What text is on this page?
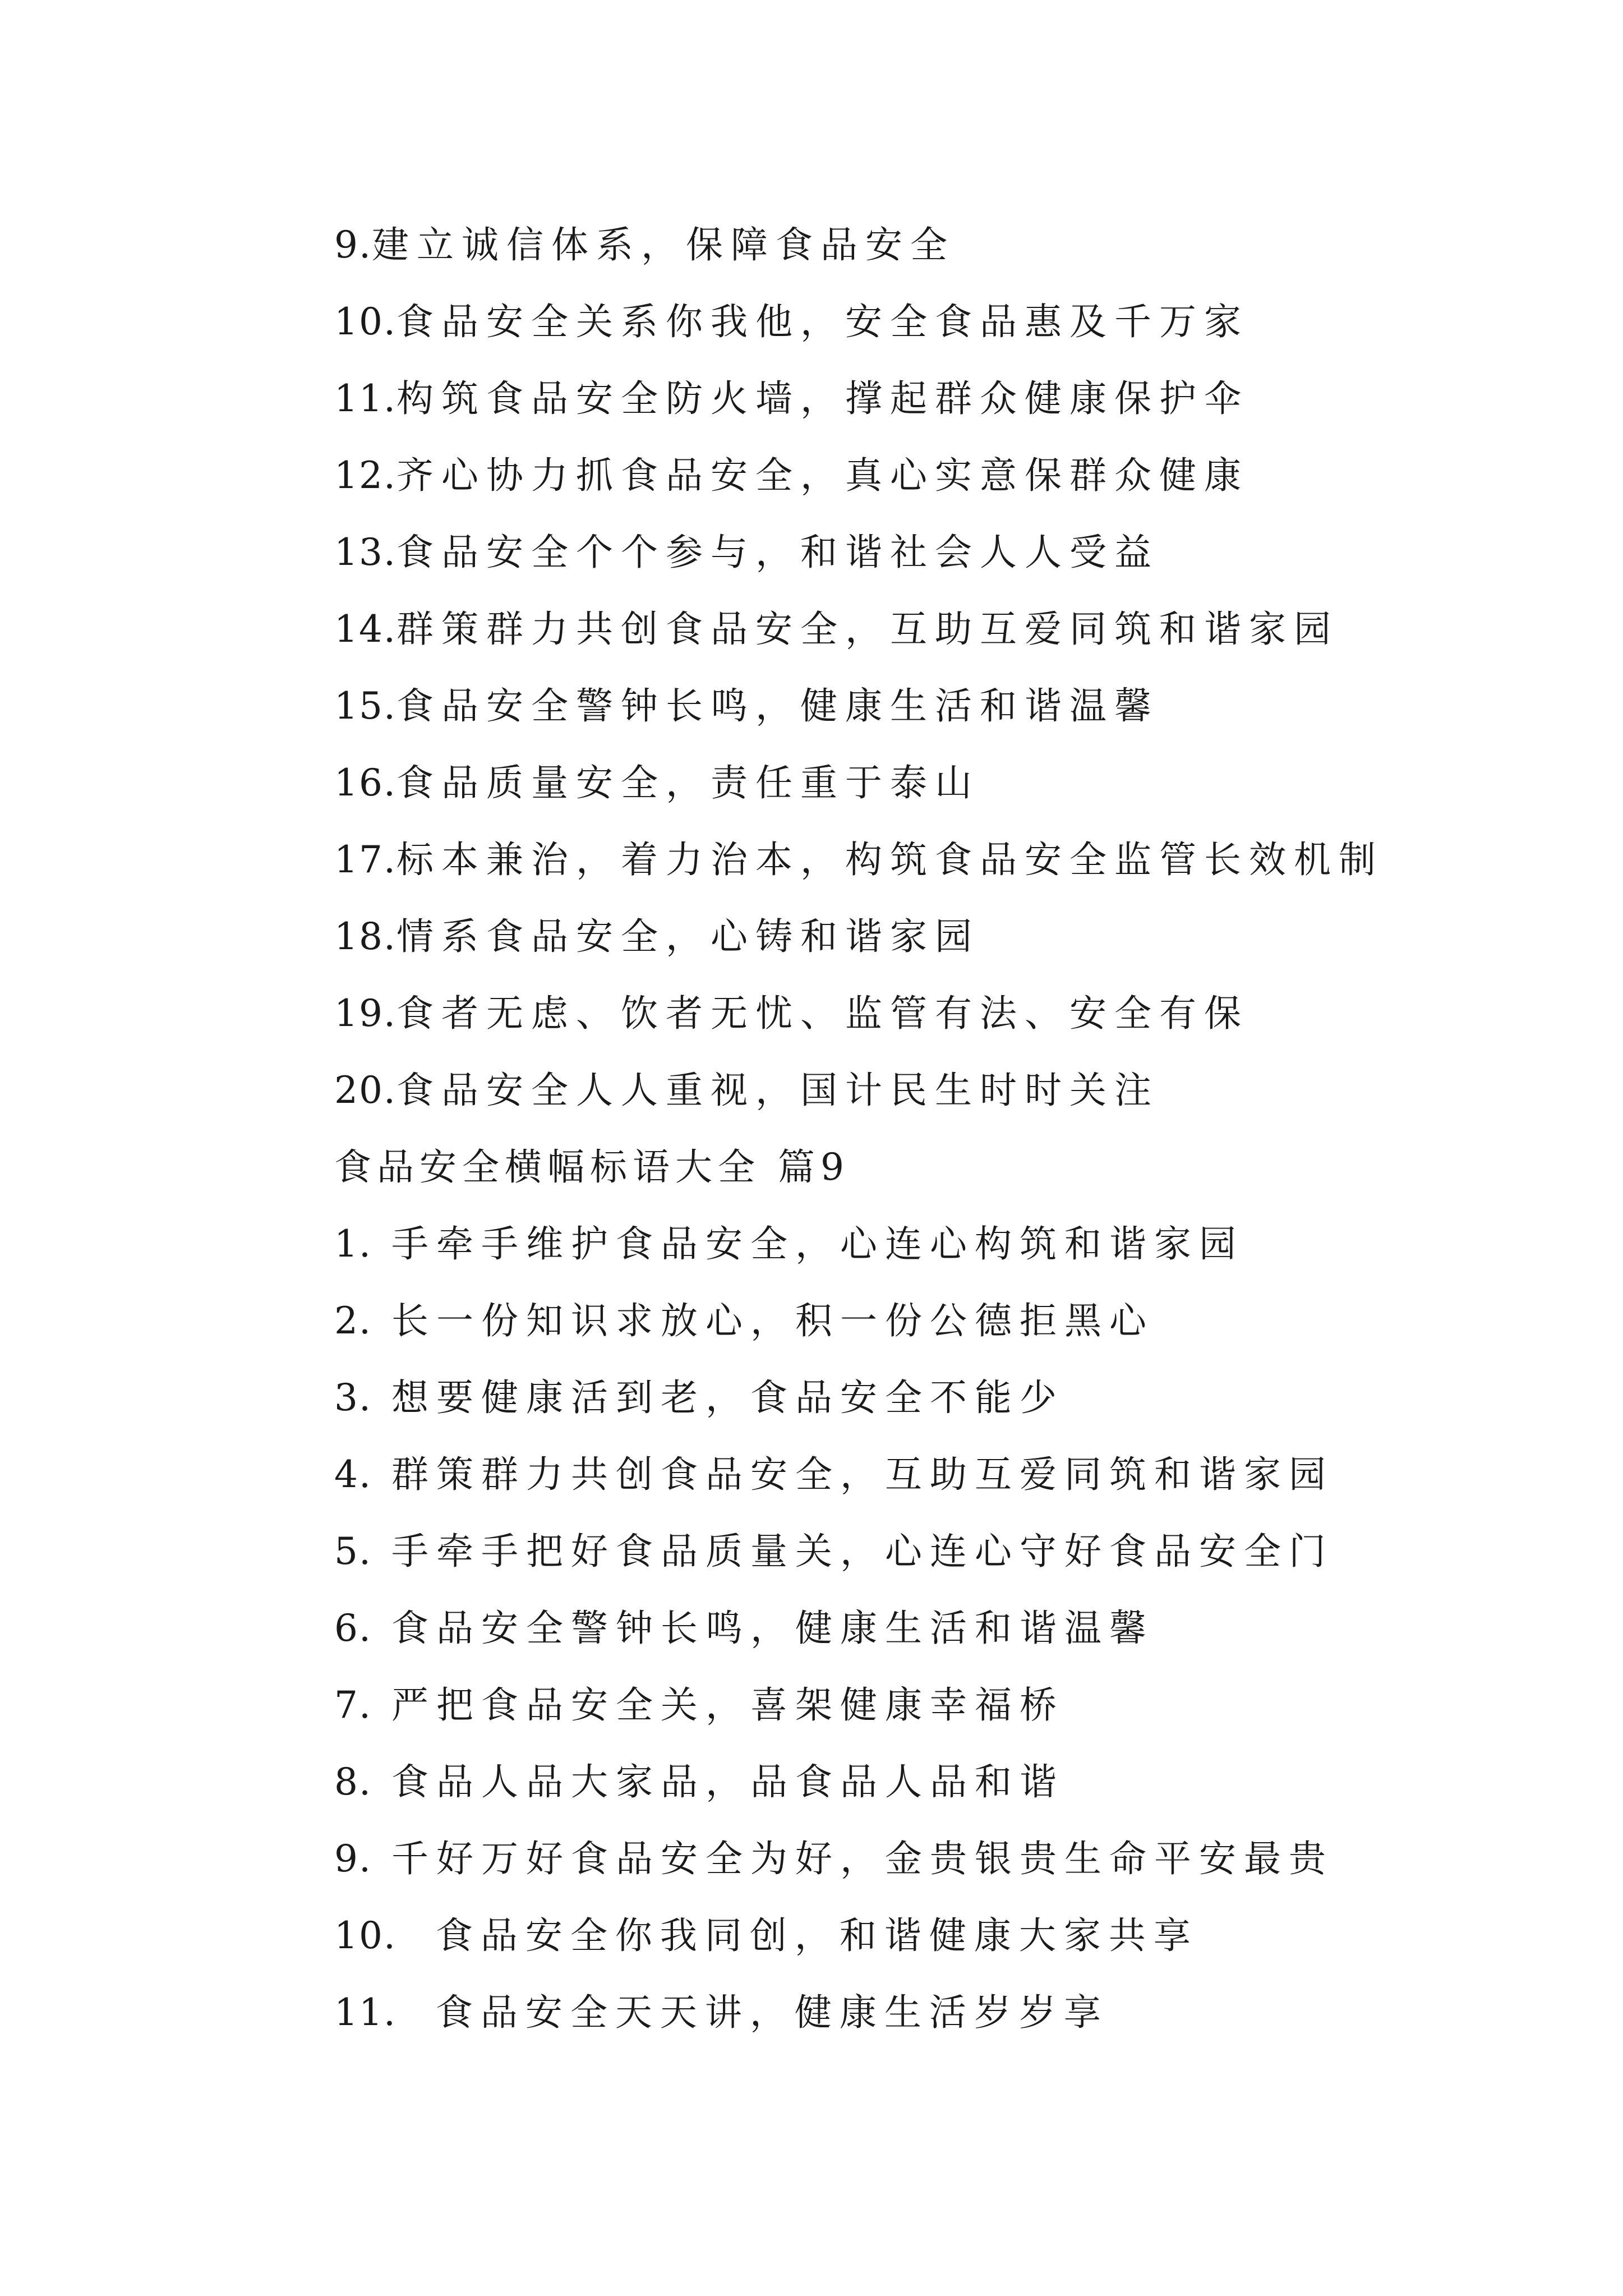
9.建立诚信体系，保障食品安全
10.食品安全关系你我他，安全食品惠及千万家
11.构筑食品安全防火墙，撑起群众健康保护伞
12.齐心协力抓食品安全，真心实意保群众健康
13.食品安全个个参与，和谐社会人人受益
14.群策群力共创食品安全，互助互爱同筑和谐家园
15.食品安全警钟长鸣，健康生活和谐温馨
16.食品质量安全，责任重于泰山
17.标本兼治，着力治本，构筑食品安全监管长效机制
18.情系食品安全，心铸和谐家园
19.食者无虑、饮者无忧、监管有法、安全有保
20.食品安全人人重视，国计民生时时关注
食品安全横幅标语大全 篇9
1. 手牵手维护食品安全，心连心构筑和谐家园
2. 长一份知识求放心，积一份公德拒黑心
3. 想要健康活到老，食品安全不能少
4. 群策群力共创食品安全，互助互爱同筑和谐家园
5. 手牵手把好食品质量关，心连心守好食品安全门
6. 食品安全警钟长鸣，健康生活和谐温馨
7. 严把食品安全关，喜架健康幸福桥
8. 食品人品大家品，品食品人品和谐
9. 千好万好食品安全为好，金贵银贵生命平安最贵
10.  食品安全你我同创，和谐健康大家共享
11.  食品安全天天讲，健康生活岁岁享
